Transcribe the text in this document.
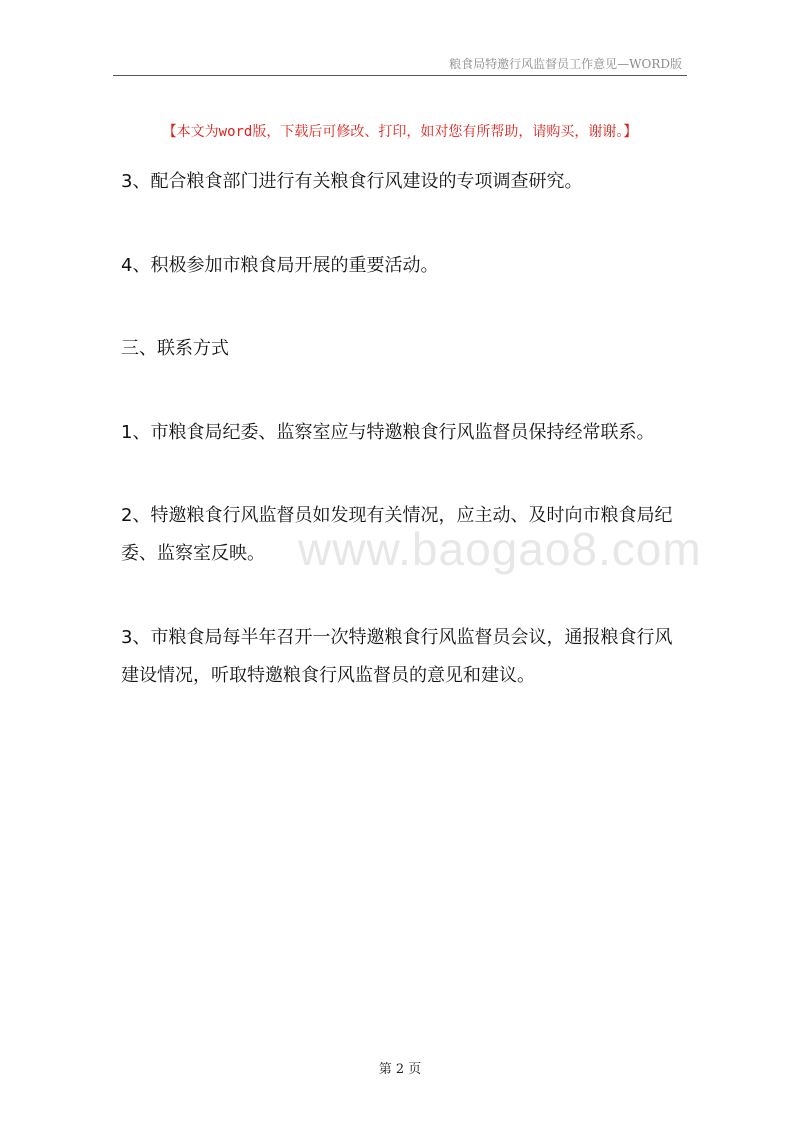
粮食局特邀行风监督员工作意见—WORD版
【本文为word版，下载后可修改、打印，如对您有所帮助，请购买，谢谢。】

3、配合粮食部门进行有关粮食行风建设的专项调查研究。

4、积极参加市粮食局开展的重要活动。

三、联系方式

1、市粮食局纪委、监察室应与特邀粮食行风监督员保持经常联系。

2、特邀粮食行风监督员如发现有关情况，应主动、及时向市粮食局纪委、监察室反映。

3、市粮食局每半年召开一次特邀粮食行风监督员会议，通报粮食行风建设情况，听取特邀粮食行风监督员的意见和建议。

www.baogao8.com
第 2 页
